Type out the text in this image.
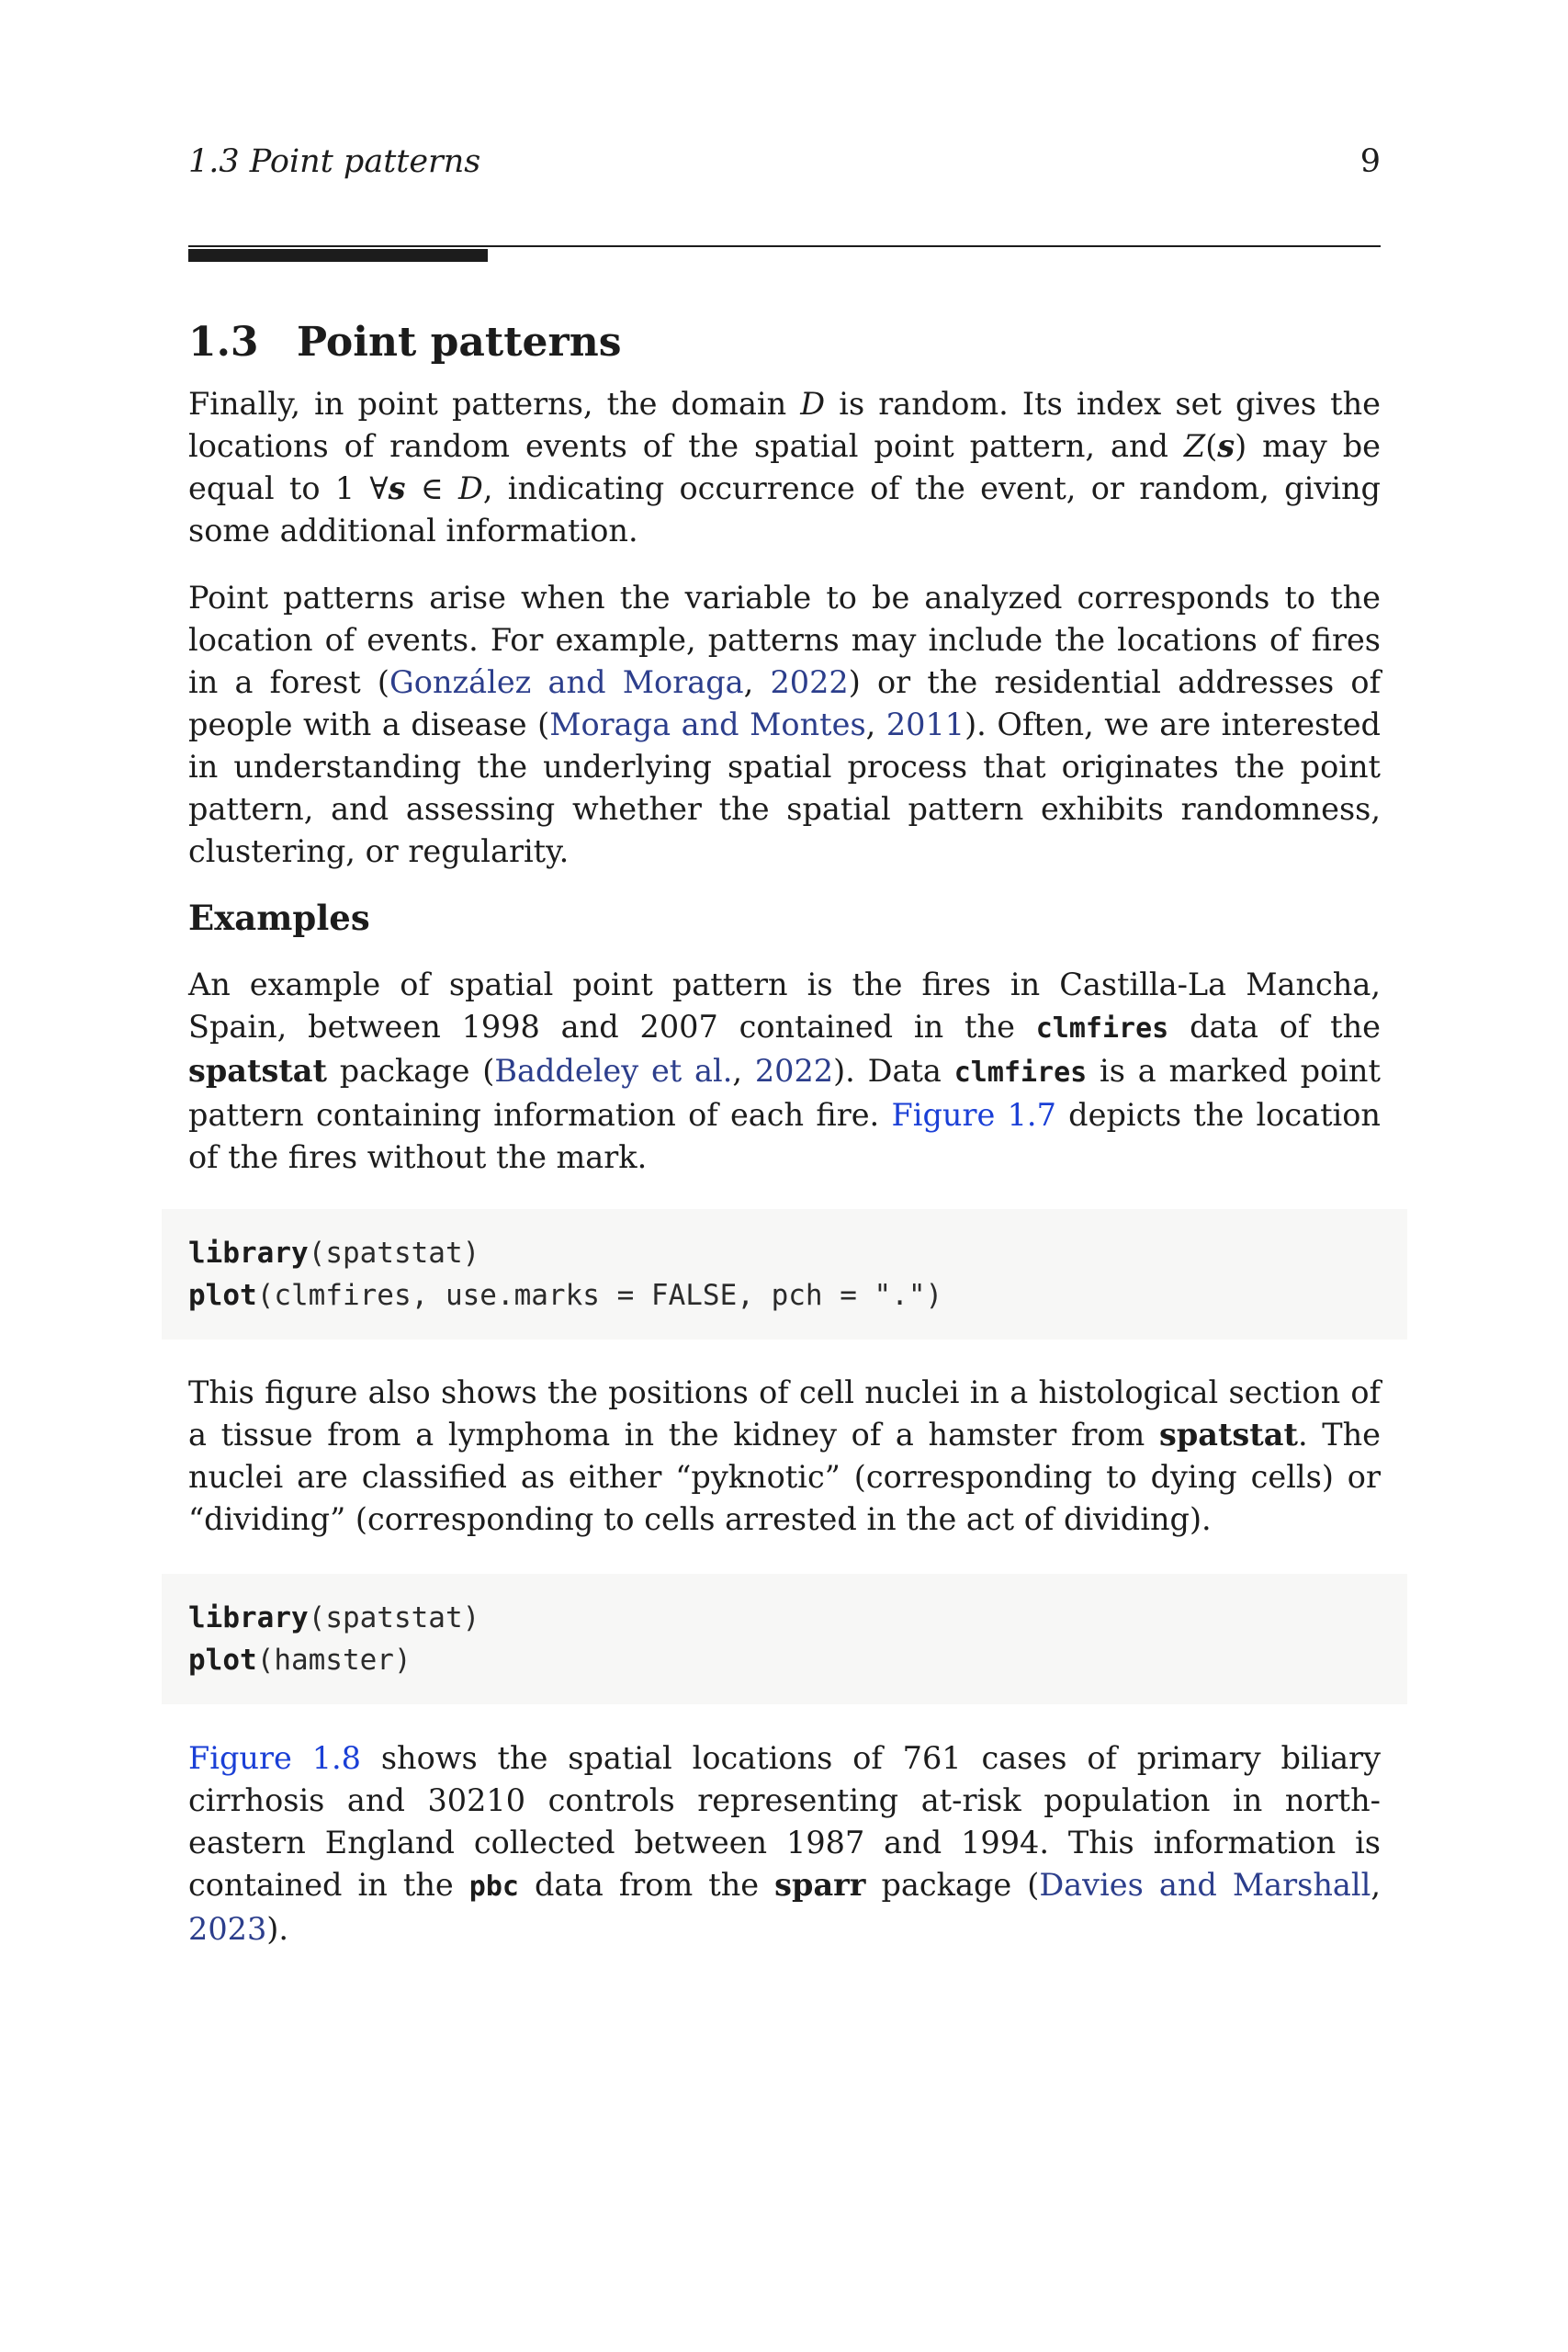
1.3 Point patterns	9
1.3 Point patterns

Finally, in point patterns, the domain D is random. Its index set gives the locations of random events of the spatial point pattern, and Z(s) may be equal to 1 ∀s ∈ D, indicating occurrence of the event, or random, giving some additional information.

Point patterns arise when the variable to be analyzed corresponds to the location of events. For example, patterns may include the locations of fires in a forest (González and Moraga, 2022) or the residential addresses of people with a disease (Moraga and Montes, 2011). Often, we are interested in understanding the underlying spatial process that originates the point pattern, and assessing whether the spatial pattern exhibits randomness, clustering, or regularity.

Examples

An example of spatial point pattern is the fires in Castilla-La Mancha, Spain, between 1998 and 2007 contained in the clmfires data of the spatstat package (Baddeley et al., 2022). Data clmfires is a marked point pattern containing information of each fire. Figure 1.7 depicts the location of the fires without the mark.

library(spatstat)
plot(clmfires, use.marks = FALSE, pch = ".")

This figure also shows the positions of cell nuclei in a histological section of a tissue from a lymphoma in the kidney of a hamster from spatstat. The nuclei are classified as either “pyknotic” (corresponding to dying cells) or “dividing” (corresponding to cells arrested in the act of dividing).

library(spatstat)
plot(hamster)

Figure 1.8 shows the spatial locations of 761 cases of primary biliary cirrhosis and 30210 controls representing at-risk population in north-eastern England collected between 1987 and 1994. This information is contained in the pbc data from the sparr package (Davies and Marshall, 2023).
